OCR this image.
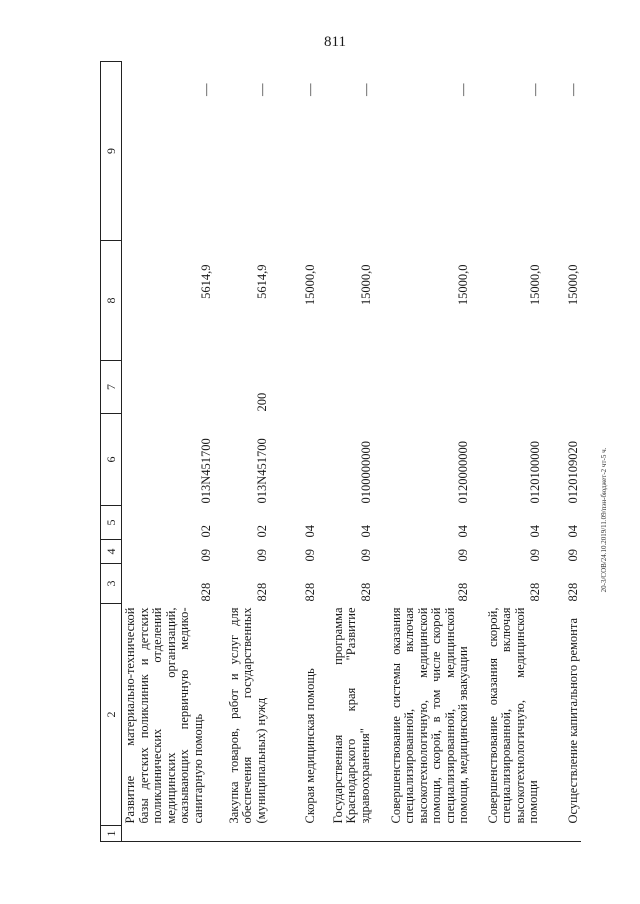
811
20-3/СОВ/24.10.2019/11.09/пэн-бюджет-2 чт-5 ч.
1	2	3	4	5	6	7	8	9
	Развитие материально-технической базы детских поликлиник и детских поликлинических отделений медицинских организаций, оказывающих первичную медико-санитарную помощь	828	09	02	013N451700		5614,9	—
	Закупка товаров, работ и услуг для обеспечения государственных (муниципальных) нужд	828	09	02	013N451700	200	5614,9	—
	Скорая медицинская помощь	828	09	04			15000,0	—
	Государственная программа Краснодарского края "Развитие здравоохранения"	828	09	04	0100000000		15000,0	—
	Совершенствование системы оказания специализированной, включая высокотехнологичную, медицинской помощи, скорой, в том числе скорой специализированной, медицинской помощи, медицинской эвакуации	828	09	04	0120000000		15000,0	—
	Совершенствование оказания скорой, специализированной, включая высокотехнологичную, медицинской помощи	828	09	04	0120100000		15000,0	—
	Осуществление капитального ремонта	828	09	04	0120109020		15000,0	—
